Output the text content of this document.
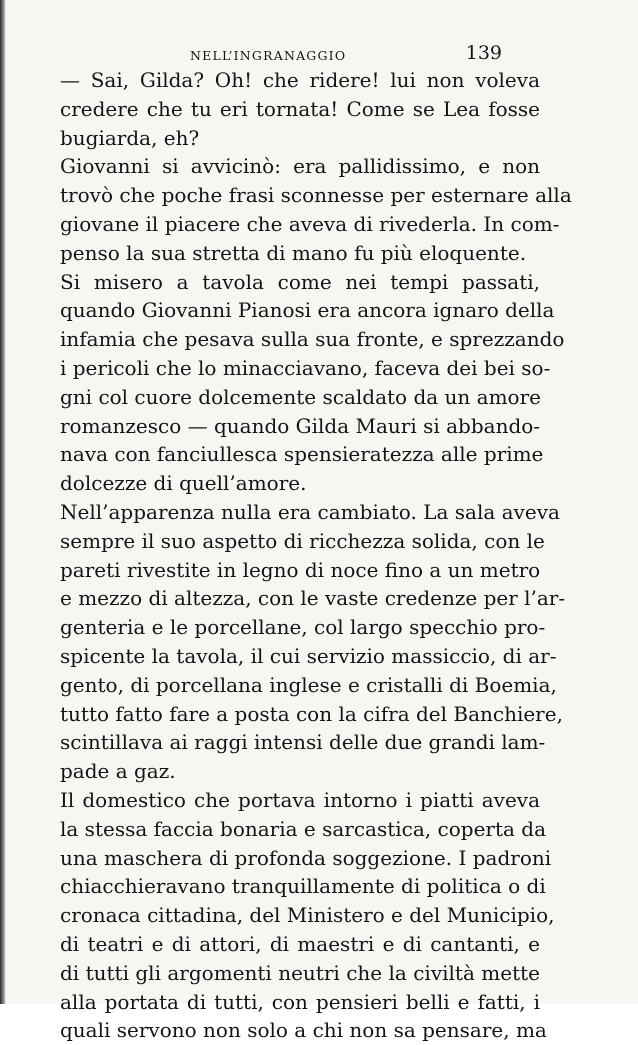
NELL’INGRANAGGIO	139
— Sai, Gilda? Oh! che ridere! lui non voleva
credere che tu eri tornata! Come se Lea fosse
bugiarda, eh?
Giovanni si avvicinò: era pallidissimo, e non
trovò che poche frasi sconnesse per esternare alla
giovane il piacere che aveva di rivederla. In com-
penso la sua stretta di mano fu più eloquente.
Si misero a tavola come nei tempi passati,
quando Giovanni Pianosi era ancora ignaro della
infamia che pesava sulla sua fronte, e sprezzando
i pericoli che lo minacciavano, faceva dei bei so-
gni col cuore dolcemente scaldato da un amore
romanzesco — quando Gilda Mauri si abbando-
nava con fanciullesca spensieratezza alle prime
dolcezze di quell’amore.
Nell’apparenza nulla era cambiato. La sala aveva
sempre il suo aspetto di ricchezza solida, con le
pareti rivestite in legno di noce fino a un metro
e mezzo di altezza, con le vaste credenze per l’ar-
genteria e le porcellane, col largo specchio pro-
spicente la tavola, il cui servizio massiccio, di ar-
gento, di porcellana inglese e cristalli di Boemia,
tutto fatto fare a posta con la cifra del Banchiere,
scintillava ai raggi intensi delle due grandi lam-
pade a gaz.
Il domestico che portava intorno i piatti aveva
la stessa faccia bonaria e sarcastica, coperta da
una maschera di profonda soggezione. I padroni
chiacchieravano tranquillamente di politica o di
cronaca cittadina, del Ministero e del Municipio,
di teatri e di attori, di maestri e di cantanti, e
di tutti gli argomenti neutri che la civiltà mette
alla portata di tutti, con pensieri belli e fatti, i
quali servono non solo a chi non sa pensare, ma
